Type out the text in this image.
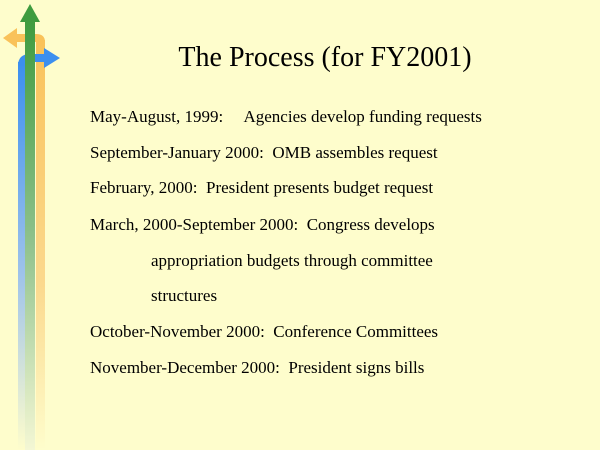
The Process (for FY2001)
May-August, 1999:     Agencies develop funding requests
September-January 2000:  OMB assembles request
February, 2000:  President presents budget request
March, 2000-September 2000:  Congress develops
appropriation budgets through committee
structures
October-November 2000:  Conference Committees
November-December 2000:  President signs bills
